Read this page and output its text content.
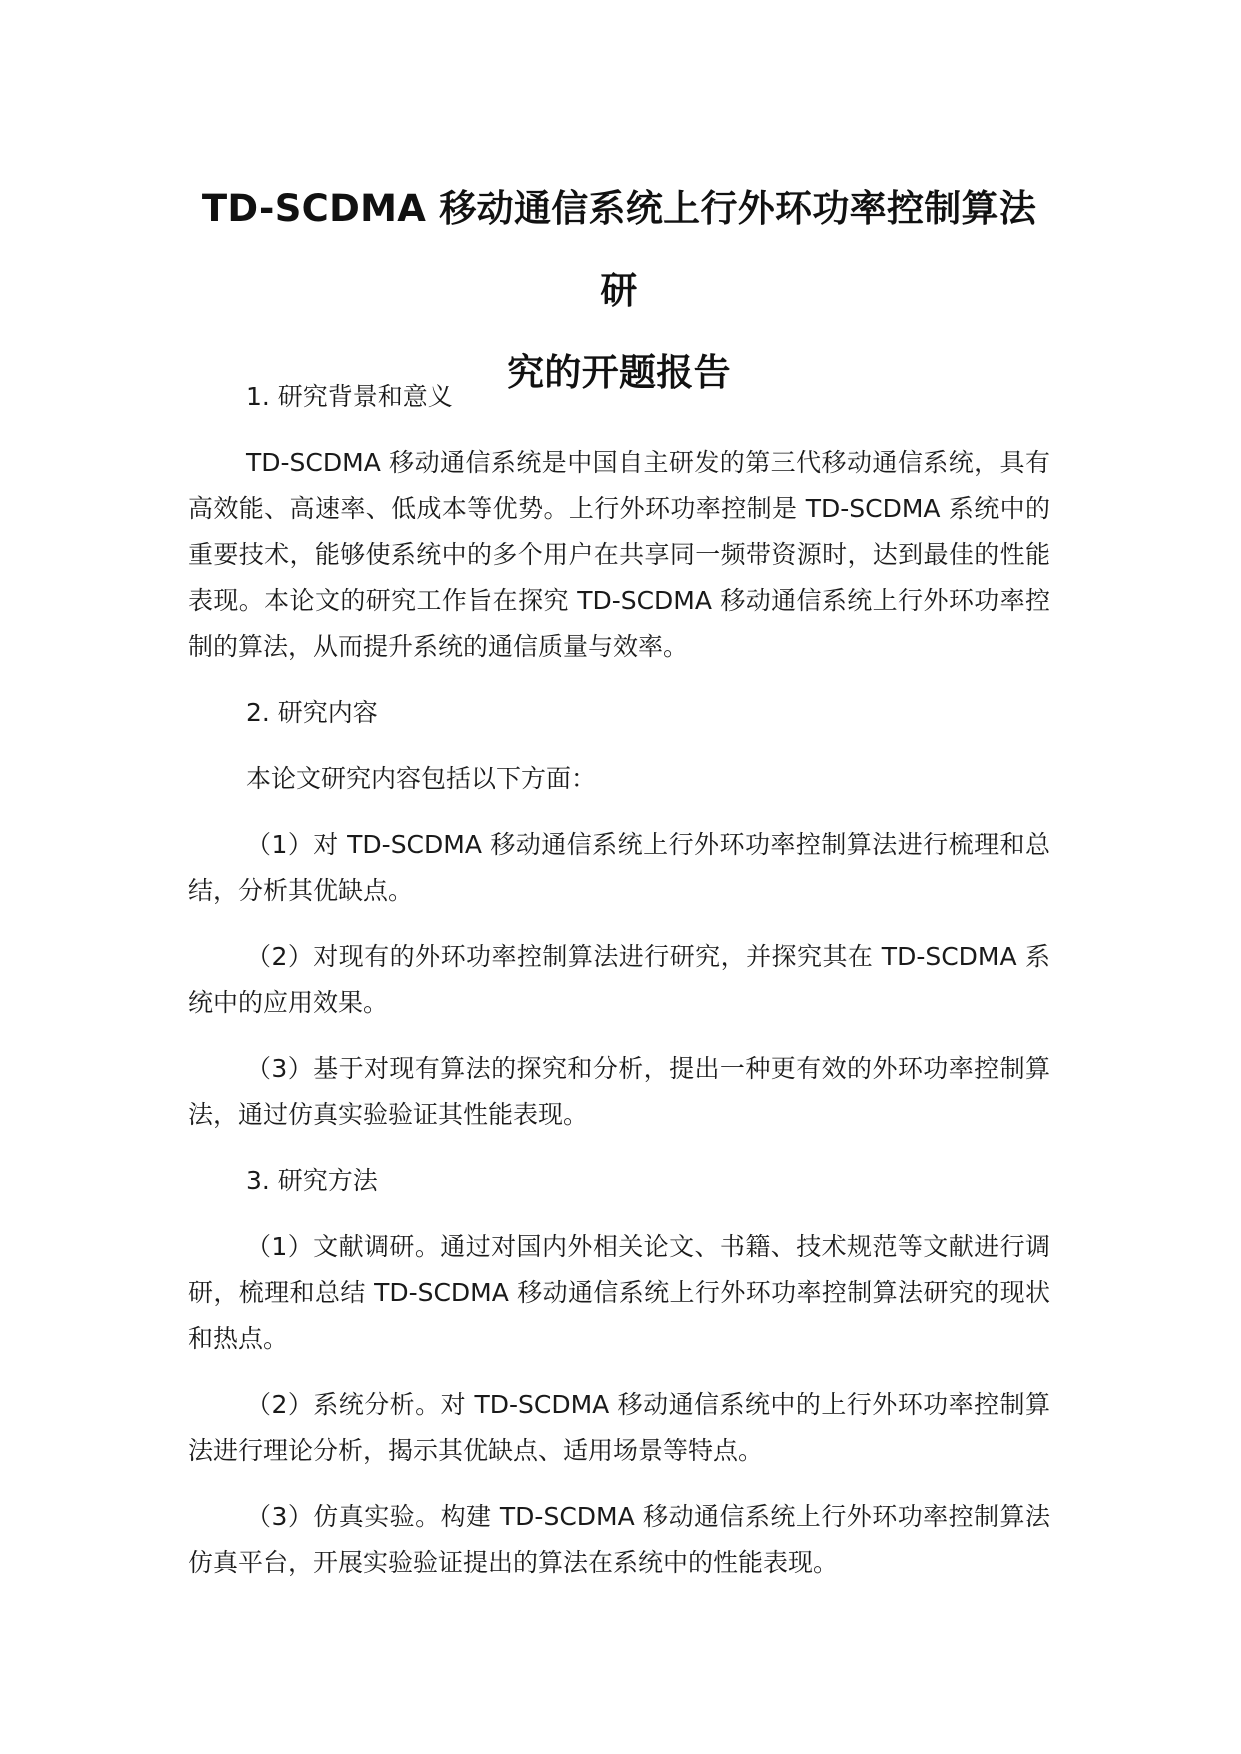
TD-SCDMA 移动通信系统上行外环功率控制算法研
究的开题报告

1. 研究背景和意义

TD-SCDMA 移动通信系统是中国自主研发的第三代移动通信系统，具有高效能、高速率、低成本等优势。上行外环功率控制是 TD-SCDMA 系统中的重要技术，能够使系统中的多个用户在共享同一频带资源时，达到最佳的性能表现。本论文的研究工作旨在探究 TD-SCDMA 移动通信系统上行外环功率控制的算法，从而提升系统的通信质量与效率。

2. 研究内容

本论文研究内容包括以下方面：

（1）对 TD-SCDMA 移动通信系统上行外环功率控制算法进行梳理和总结，分析其优缺点。

（2）对现有的外环功率控制算法进行研究，并探究其在 TD-SCDMA 系统中的应用效果。

（3）基于对现有算法的探究和分析，提出一种更有效的外环功率控制算法，通过仿真实验验证其性能表现。

3. 研究方法

（1）文献调研。通过对国内外相关论文、书籍、技术规范等文献进行调研，梳理和总结 TD-SCDMA 移动通信系统上行外环功率控制算法研究的现状和热点。

（2）系统分析。对 TD-SCDMA 移动通信系统中的上行外环功率控制算法进行理论分析，揭示其优缺点、适用场景等特点。

（3）仿真实验。构建 TD-SCDMA 移动通信系统上行外环功率控制算法仿真平台，开展实验验证提出的算法在系统中的性能表现。
